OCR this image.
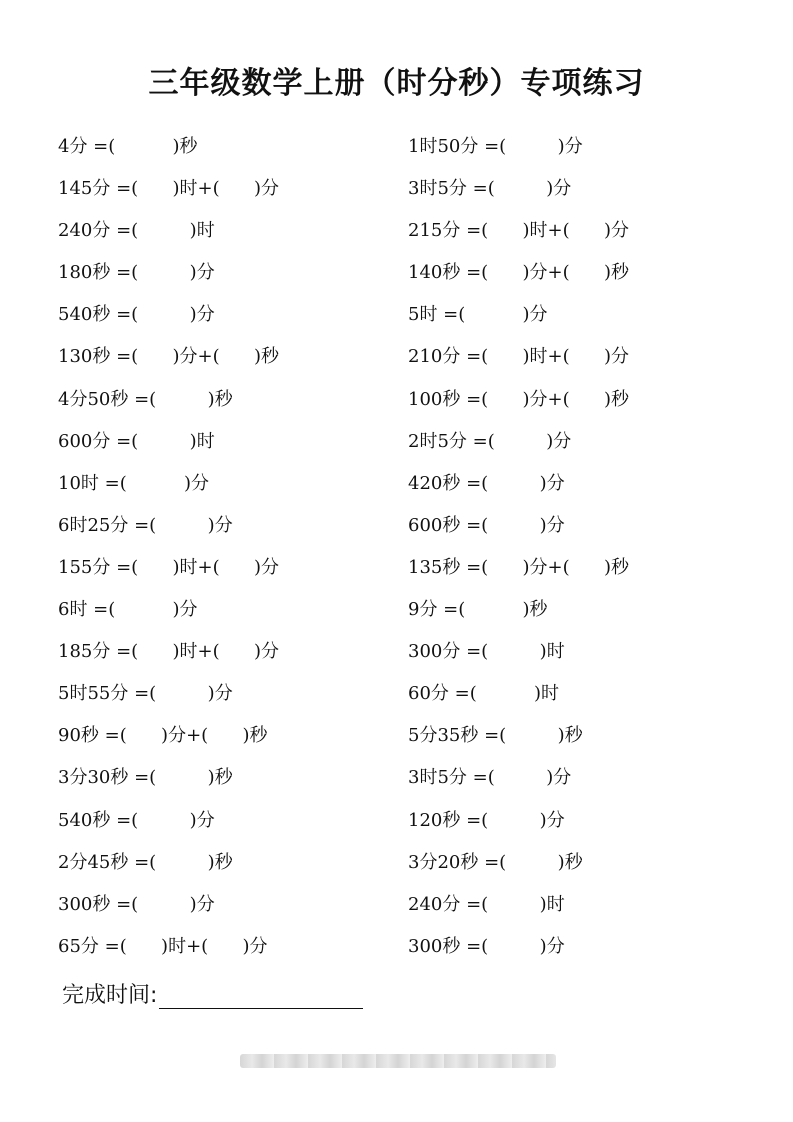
三年级数学上册（时分秒）专项练习
4分 =(          )秒
145分 =(      )时+(      )分
240分 =(         )时
180秒 =(         )分
540秒 =(         )分
130秒 =(      )分+(      )秒
4分50秒 =(         )秒
600分 =(         )时
10时 =(          )分
6时25分 =(         )分
155分 =(      )时+(      )分
6时 =(          )分
185分 =(      )时+(      )分
5时55分 =(         )分
90秒 =(      )分+(      )秒
3分30秒 =(         )秒
540秒 =(         )分
2分45秒 =(         )秒
300秒 =(         )分
65分 =(      )时+(      )分
1时50分 =(         )分
3时5分 =(         )分
215分 =(      )时+(      )分
140秒 =(      )分+(      )秒
5时 =(          )分
210分 =(      )时+(      )分
100秒 =(      )分+(      )秒
2时5分 =(         )分
420秒 =(         )分
600秒 =(         )分
135秒 =(      )分+(      )秒
9分 =(          )秒
300分 =(         )时
60分 =(          )时
5分35秒 =(         )秒
3时5分 =(         )分
120秒 =(         )分
3分20秒 =(         )秒
240分 =(         )时
300秒 =(         )分
完成时间:
